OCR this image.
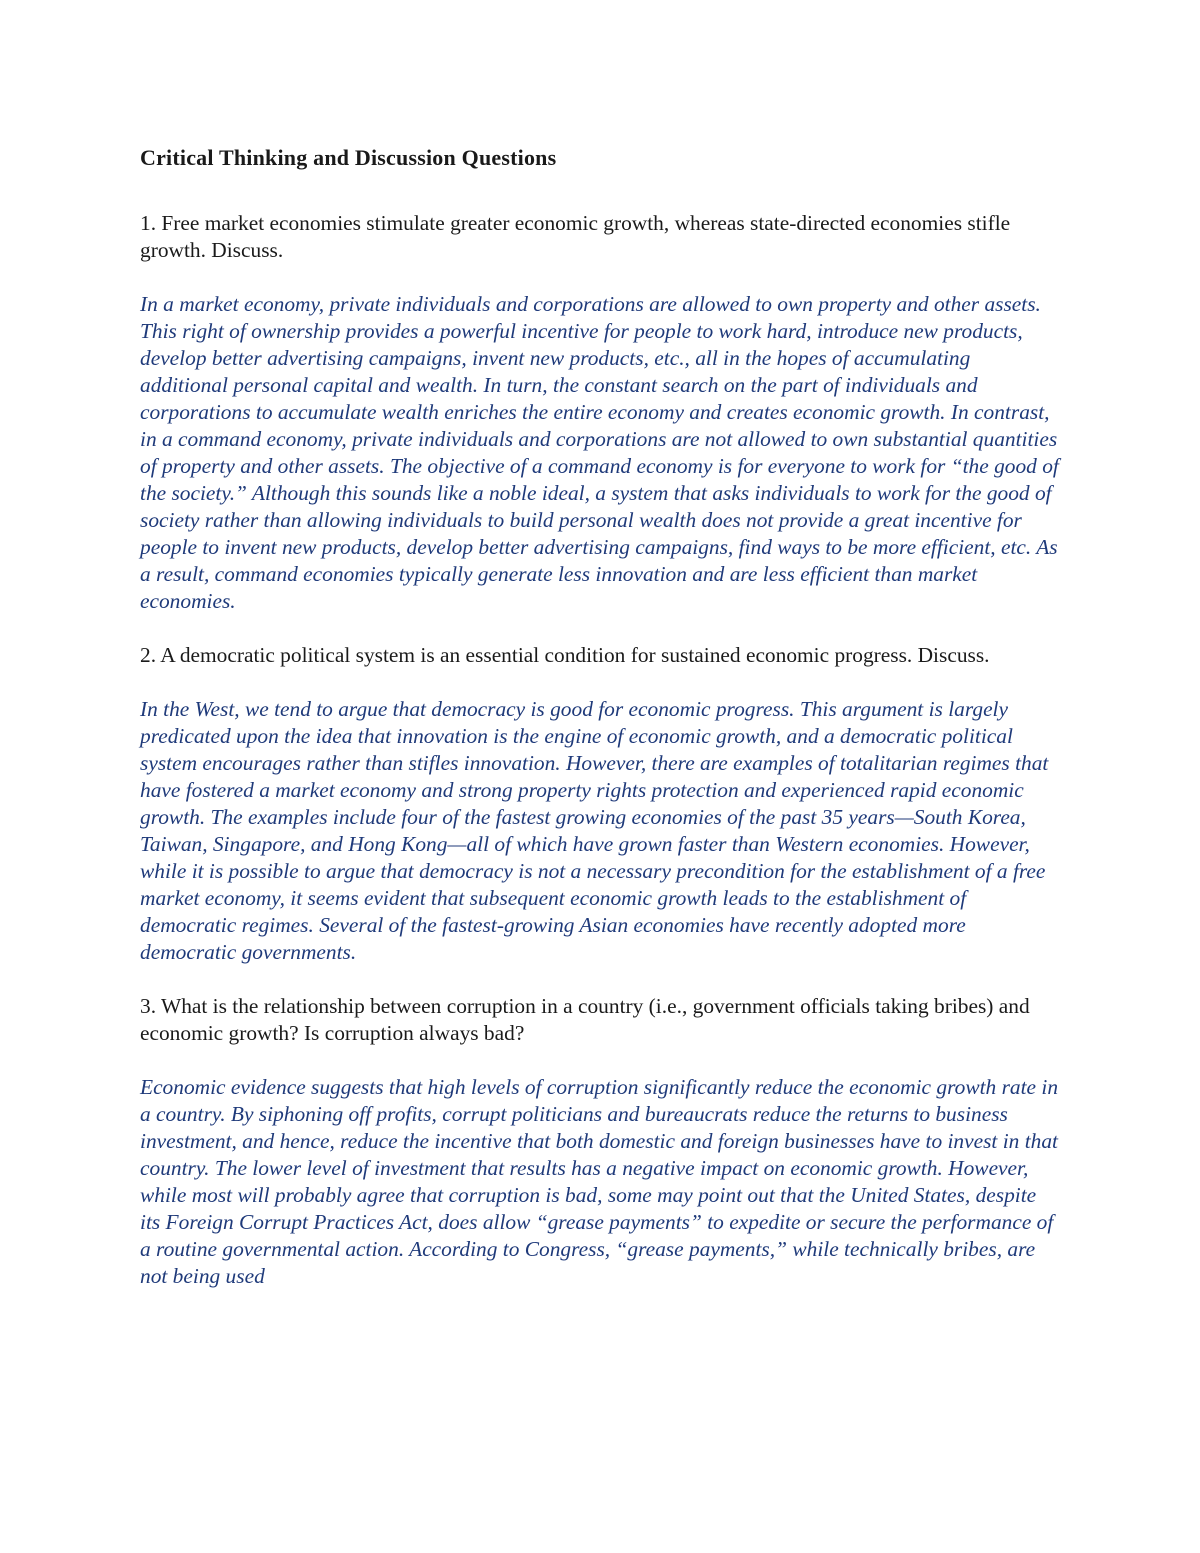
Critical Thinking and Discussion Questions

1. Free market economies stimulate greater economic growth, whereas state-directed economies stifle growth. Discuss.

In a market economy, private individuals and corporations are allowed to own property and other assets. This right of ownership provides a powerful incentive for people to work hard, introduce new products, develop better advertising campaigns, invent new products, etc., all in the hopes of accumulating additional personal capital and wealth. In turn, the constant search on the part of individuals and corporations to accumulate wealth enriches the entire economy and creates economic growth. In contrast, in a command economy, private individuals and corporations are not allowed to own substantial quantities of property and other assets. The objective of a command economy is for everyone to work for “the good of the society.” Although this sounds like a noble ideal, a system that asks individuals to work for the good of society rather than allowing individuals to build personal wealth does not provide a great incentive for people to invent new products, develop better advertising campaigns, find ways to be more efficient, etc. As a result, command economies typically generate less innovation and are less efficient than market economies.

2. A democratic political system is an essential condition for sustained economic progress. Discuss.

In the West, we tend to argue that democracy is good for economic progress. This argument is largely predicated upon the idea that innovation is the engine of economic growth, and a democratic political system encourages rather than stifles innovation. However, there are examples of totalitarian regimes that have fostered a market economy and strong property rights protection and experienced rapid economic growth. The examples include four of the fastest growing economies of the past 35 years—South Korea, Taiwan, Singapore, and Hong Kong—all of which have grown faster than Western economies. However, while it is possible to argue that democracy is not a necessary precondition for the establishment of a free market economy, it seems evident that subsequent economic growth leads to the establishment of democratic regimes. Several of the fastest-growing Asian economies have recently adopted more democratic governments.

3. What is the relationship between corruption in a country (i.e., government officials taking bribes) and economic growth? Is corruption always bad?

Economic evidence suggests that high levels of corruption significantly reduce the economic growth rate in a country. By siphoning off profits, corrupt politicians and bureaucrats reduce the returns to business investment, and hence, reduce the incentive that both domestic and foreign businesses have to invest in that country. The lower level of investment that results has a negative impact on economic growth. However, while most will probably agree that corruption is bad, some may point out that the United States, despite its Foreign Corrupt Practices Act, does allow “grease payments” to expedite or secure the performance of a routine governmental action. According to Congress, “grease payments,” while technically bribes, are not being used
